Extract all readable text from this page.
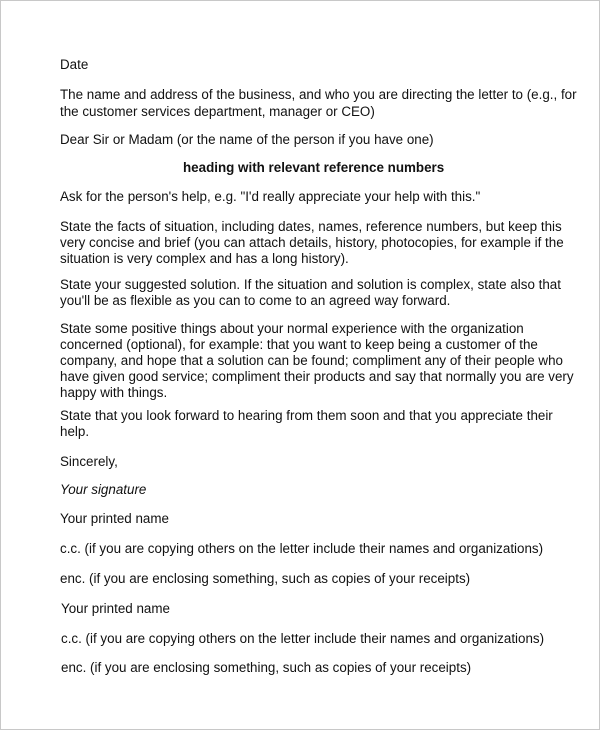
Date

The name and address of the business, and who you are directing the letter to (e.g., for

the customer services department, manager or CEO)

Dear Sir or Madam (or the name of the person if you have one)

heading with relevant reference numbers

Ask for the person's help, e.g. "I'd really appreciate your help with this."

State the facts of situation, including dates, names, reference numbers, but keep this

very concise and brief (you can attach details, history, photocopies, for example if the

situation is very complex and has a long history).

State your suggested solution. If the situation and solution is complex, state also that

you'll be as flexible as you can to come to an agreed way forward.

State some positive things about your normal experience with the organization

concerned (optional), for example: that you want to keep being a customer of the

company, and hope that a solution can be found; compliment any of their people who

have given good service; compliment their products and say that normally you are very

happy with things.

State that you look forward to hearing from them soon and that you appreciate their

help.

Sincerely,

Your signature

Your printed name

c.c. (if you are copying others on the letter include their names and organizations)

enc. (if you are enclosing something, such as copies of your receipts)

Your printed name

c.c. (if you are copying others on the letter include their names and organizations)

enc. (if you are enclosing something, such as copies of your receipts)
